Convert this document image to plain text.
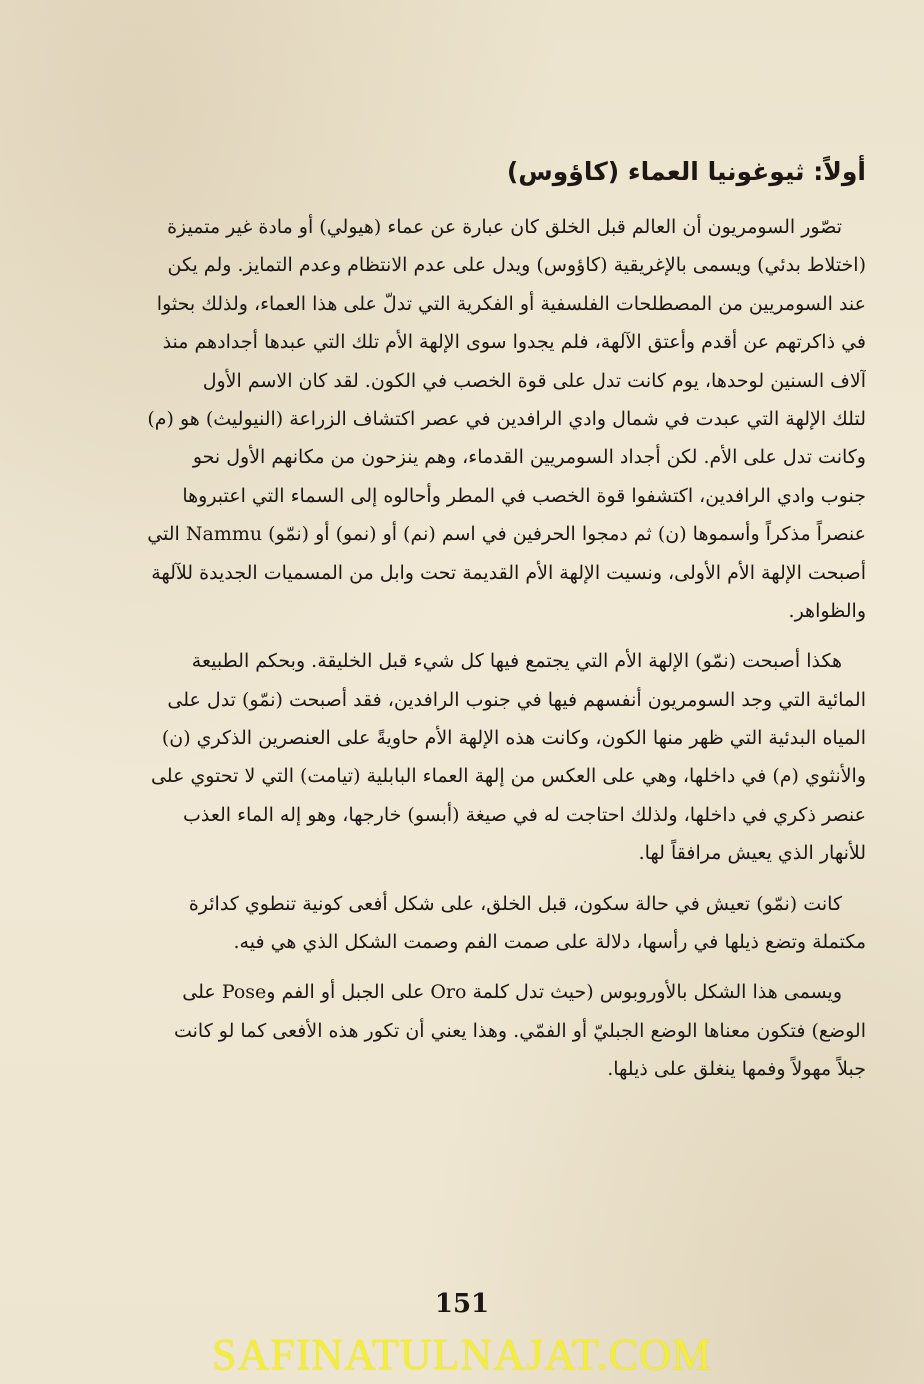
أولاً: ثيوغونيا العماء (كاؤوس)

تصّور السومريون أن العالم قبل الخلق كان عبارة عن عماء (هيولي) أو مادة غير متميزة
(اختلاط بدئي) ويسمى بالإغريقية (كاؤوس) ويدل على عدم الانتظام وعدم التمايز. ولم يكن
عند السومريين من المصطلحات الفلسفية أو الفكرية التي تدلّ على هذا العماء، ولذلك بحثوا
في ذاكرتهم عن أقدم وأعتق الآلهة، فلم يجدوا سوى الإلهة الأم تلك التي عبدها أجدادهم منذ
آلاف السنين لوحدها، يوم كانت تدل على قوة الخصب في الكون. لقد كان الاسم الأول
لتلك الإلهة التي عبدت في شمال وادي الرافدين في عصر اكتشاف الزراعة (النيوليث) هو (م)
وكانت تدل على الأم. لكن أجداد السومريين القدماء، وهم ينزحون من مكانهم الأول نحو
جنوب وادي الرافدين، اكتشفوا قوة الخصب في المطر وأحالوه إلى السماء التي اعتبروها
عنصراً مذكراً وأسموها (ن) ثم دمجوا الحرفين في اسم (نم) أو (نمو) أو (نمّو) Nammu التي
أصبحت الإلهة الأم الأولى، ونسيت الإلهة الأم القديمة تحت وابل من المسميات الجديدة للآلهة
والظواهر.

هكذا أصبحت (نمّو) الإلهة الأم التي يجتمع فيها كل شيء قبل الخليقة. وبحكم الطبيعة
المائية التي وجد السومريون أنفسهم فيها في جنوب الرافدين، فقد أصبحت (نمّو) تدل على
المياه البدئية التي ظهر منها الكون، وكانت هذه الإلهة الأم حاويةً على العنصرين الذكري (ن)
والأنثوي (م) في داخلها، وهي على العكس من إلهة العماء البابلية (تيامت) التي لا تحتوي على
عنصر ذكري في داخلها، ولذلك احتاجت له في صيغة (أبسو) خارجها، وهو إله الماء العذب
للأنهار الذي يعيش مرافقاً لها.

كانت (نمّو) تعيش في حالة سكون، قبل الخلق، على شكل أفعى كونية تنطوي كدائرة
مكتملة وتضع ذيلها في رأسها، دلالة على صمت الفم وصمت الشكل الذي هي فيه.

ويسمى هذا الشكل بالأوروبوس (حيث تدل كلمة Oro على الجبل أو الفم وPose على
الوضع) فتكون معناها الوضع الجبليّ أو الفمّي. وهذا يعني أن تكور هذه الأفعى كما لو كانت
جبلاً مهولاً وفمها ينغلق على ذيلها.

151
SAFINATULNAJAT.COM
